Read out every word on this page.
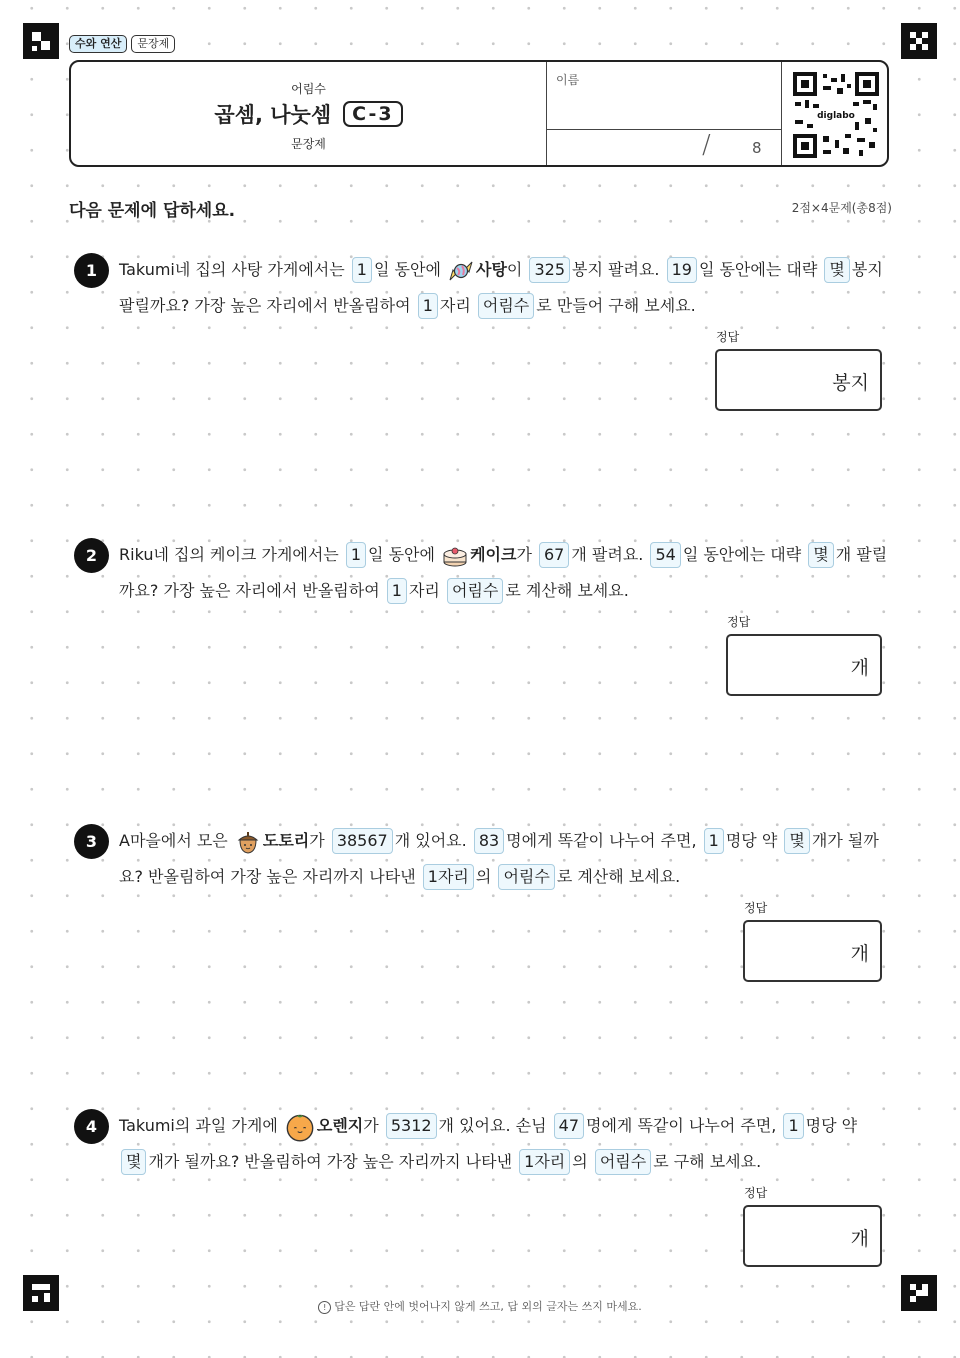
수와 연산	문장제
어림수
곱셈, 나눗셈	C-3
문장제
이름
/	8
diglabo
다음 문제에 답하세요.	2점×4문제(총8점)
1	Takumi네 집의 사탕 가게에서는 1 일 동안에 사탕이 325 봉지 팔려요. 19 일 동안에는 대략 몇 봉지 팔릴까요? 가장 높은 자리에서 반올림하여 1 자리 어림수 로 만들어 구해 보세요.
정답
봉지
2	Riku네 집의 케이크 가게에서는 1 일 동안에 케이크가 67 개 팔려요. 54 일 동안에는 대략 몇 개 팔릴까요? 가장 높은 자리에서 반올림하여 1 자리 어림수 로 계산해 보세요.
정답
개
3	A마을에서 모은 도토리가 38567 개 있어요. 83 명에게 똑같이 나누어 주면, 1 명당 약 몇 개가 될까요? 반올림하여 가장 높은 자리까지 나타낸 1자리 의 어림수 로 계산해 보세요.
정답
개
4	Takumi의 과일 가게에 오렌지가 5312 개 있어요. 손님 47 명에게 똑같이 나누어 주면, 1 명당 약 몇 개가 될까요? 반올림하여 가장 높은 자리까지 나타낸 1자리 의 어림수 로 구해 보세요.
정답
개
! 답은 답란 안에 벗어나지 않게 쓰고, 답 외의 글자는 쓰지 마세요.
